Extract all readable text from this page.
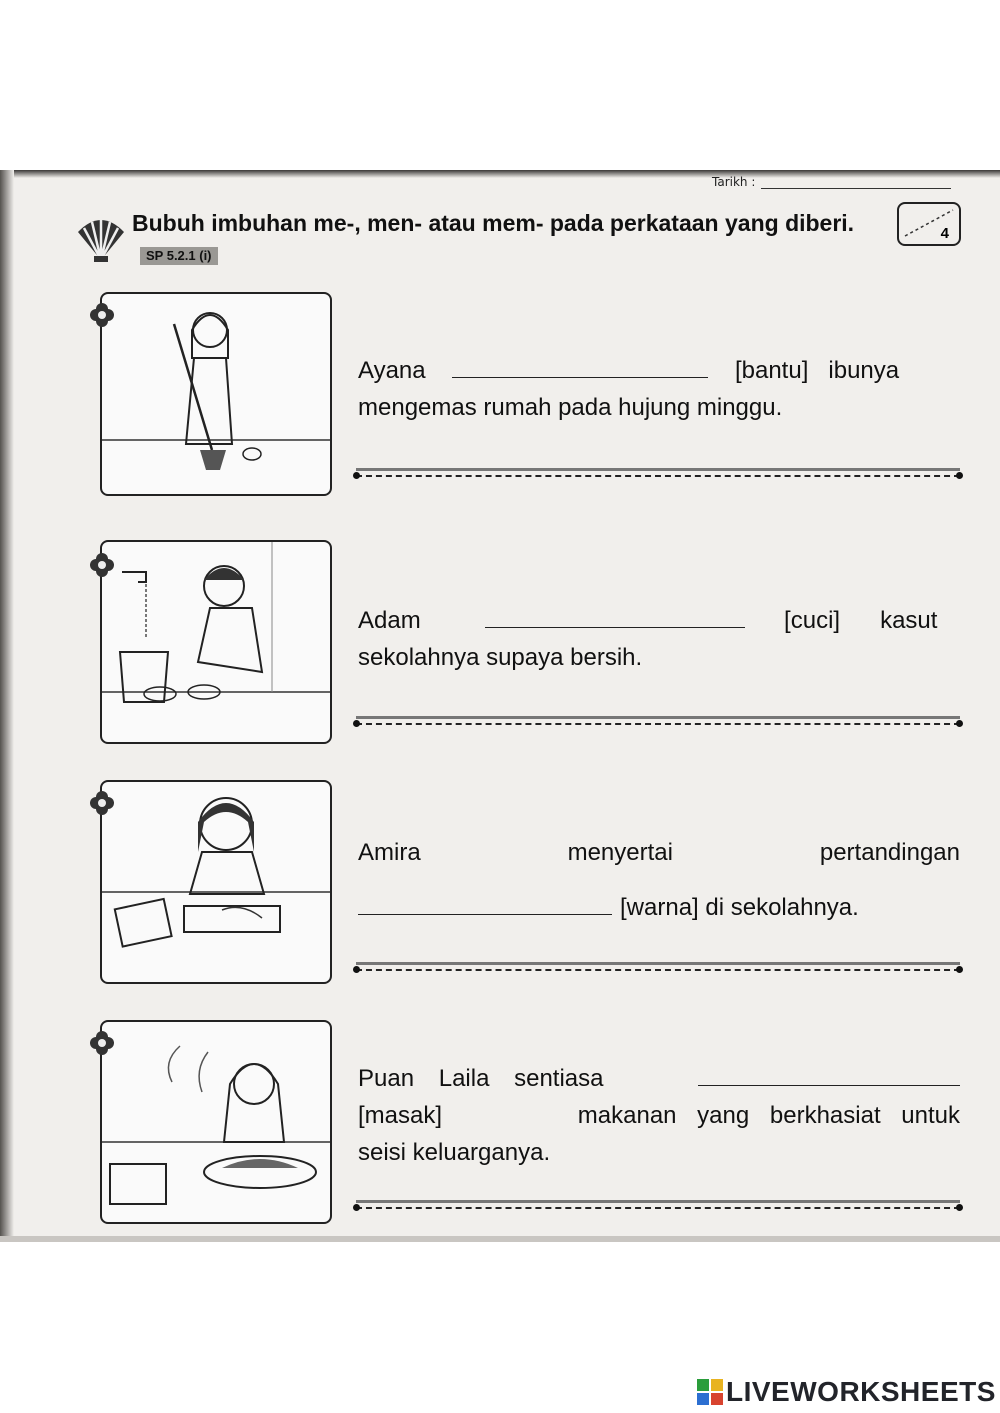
Tarikh :
Bubuh imbuhan me-, men- atau mem- pada perkataan yang diberi.SP 5.2.1 (i)
4
Ayana	[bantu] ibunya
mengemas rumah pada hujung minggu.
Adam	[cuci] kasut
sekolahnya supaya bersih.
Amira	menyertai	pertandingan
[warna] di sekolahnya.
Puan Laila sentiasa
[masak]	makanan yang berkhasiat untuk
seisi keluarganya.
LIVEWORKSHEETS
